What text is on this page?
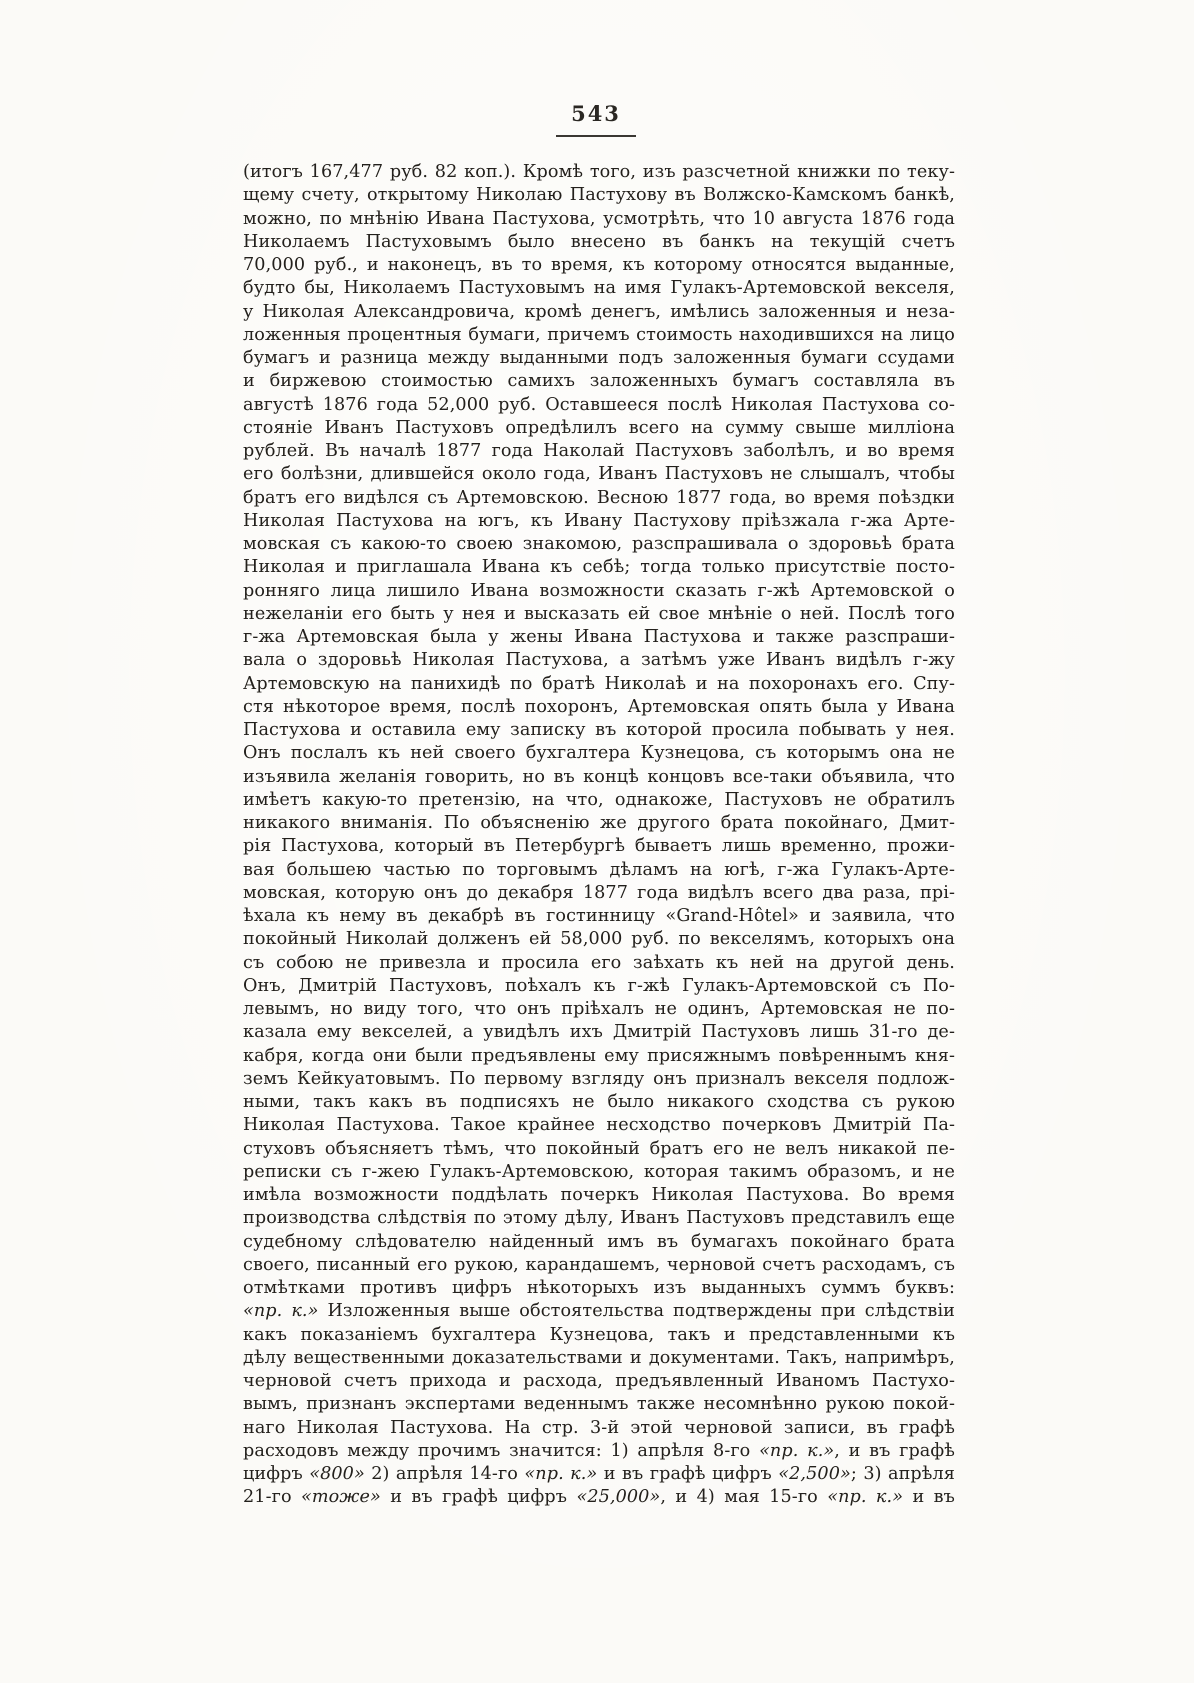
543
(итогъ 167,477 руб. 82 коп.). Кромѣ того, изъ разсчетной книжки по теку-
щему счету, открытому Николаю Пастухову въ Волжско-Камскомъ банкѣ,
можно, по мнѣнію Ивана Пастухова, усмотрѣть, что 10 августа 1876 года
Николаемъ Пастуховымъ было внесено въ банкъ на текущій счетъ
70,000 руб., и наконецъ, въ то время, къ которому относятся выданные,
будто бы, Николаемъ Пастуховымъ на имя Гулакъ-Артемовской векселя,
у Николая Александровича, кромѣ денегъ, имѣлись заложенныя и неза-
ложенныя процентныя бумаги, причемъ стоимость находившихся на лицо
бумагъ и разница между выданными подъ заложенныя бумаги ссудами
и биржевою стоимостью самихъ заложенныхъ бумагъ составляла въ
августѣ 1876 года 52,000 руб. Оставшееся послѣ Николая Пастухова со-
стояніе Иванъ Пастуховъ опредѣлилъ всего на сумму свыше милліона
рублей. Въ началѣ 1877 года Наколай Пастуховъ заболѣлъ, и во время
его болѣзни, длившейся около года, Иванъ Пастуховъ не слышалъ, чтобы
братъ его видѣлся съ Артемовскою. Весною 1877 года, во время поѣздки
Николая Пастухова на югъ, къ Ивану Пастухову пріѣзжала г-жа Арте-
мовская съ какою-то своею знакомою, разспрашивала о здоровьѣ брата
Николая и приглашала Ивана къ себѣ; тогда только присутствіе посто-
ронняго лица лишило Ивана возможности сказать г-жѣ Артемовской о
нежеланіи его быть у нея и высказать ей свое мнѣніе о ней. Послѣ того
г-жа Артемовская была у жены Ивана Пастухова и также разспраши-
вала о здоровьѣ Николая Пастухова, а затѣмъ уже Иванъ видѣлъ г-жу
Артемовскую на панихидѣ по братѣ Николаѣ и на похоронахъ его. Спу-
стя нѣкоторое время, послѣ похоронъ, Артемовская опять была у Ивана
Пастухова и оставила ему записку въ которой просила побывать у нея.
Онъ послалъ къ ней своего бухгалтера Кузнецова, съ которымъ она не
изъявила желанія говорить, но въ концѣ концовъ все-таки объявила, что
имѣетъ какую-то претензію, на что, однакоже, Пастуховъ не обратилъ
никакого вниманія. По объясненію же другого брата покойнаго, Дмит-
рія Пастухова, который въ Петербургѣ бываетъ лишь временно, прожи-
вая большею частью по торговымъ дѣламъ на югѣ, г-жа Гулакъ-Арте-
мовская, которую онъ до декабря 1877 года видѣлъ всего два раза, прі-
ѣхала къ нему въ декабрѣ въ гостинницу «Grand-Hôtel» и заявила, что
покойный Николай долженъ ей 58,000 руб. по векселямъ, которыхъ она
съ собою не привезла и просила его заѣхать къ ней на другой день.
Онъ, Дмитрій Пастуховъ, поѣхалъ къ г-жѣ Гулакъ-Артемовской съ По-
левымъ, но виду того, что онъ пріѣхалъ не одинъ, Артемовская не по-
казала ему векселей, а увидѣлъ ихъ Дмитрій Пастуховъ лишь 31-го де-
кабря, когда они были предъявлены ему присяжнымъ повѣреннымъ кня-
земъ Кейкуатовымъ. По первому взгляду онъ призналъ векселя подлож-
ными, такъ какъ въ подписяхъ не было никакого сходства съ рукою
Николая Пастухова. Такое крайнее несходство почерковъ Дмитрій Па-
стуховъ объясняетъ тѣмъ, что покойный братъ его не велъ никакой пе-
реписки съ г-жею Гулакъ-Артемовскою, которая такимъ образомъ, и не
имѣла возможности поддѣлать почеркъ Николая Пастухова. Во время
производства слѣдствія по этому дѣлу, Иванъ Пастуховъ представилъ еще
судебному слѣдователю найденный имъ въ бумагахъ покойнаго брата
своего, писанный его рукою, карандашемъ, черновой счетъ расходамъ, съ
отмѣтками противъ цифръ нѣкоторыхъ изъ выданныхъ суммъ буквъ:
«пр. к.» Изложенныя выше обстоятельства подтверждены при слѣдствіи
какъ показаніемъ бухгалтера Кузнецова, такъ и представленными къ
дѣлу вещественными доказательствами и документами. Такъ, напримѣръ,
черновой счетъ прихода и расхода, предъявленный Иваномъ Пастухо-
вымъ, признанъ экспертами веденнымъ также несомнѣнно рукою покой-
наго Николая Пастухова. На стр. 3-й этой черновой записи, въ графѣ
расходовъ между прочимъ значится: 1) апрѣля 8-го «пр. к.», и въ графѣ
цифръ «800» 2) апрѣля 14-го «пр. к.» и въ графѣ цифръ «2,500»; 3) апрѣля
21-го «тоже» и въ графѣ цифръ «25,000», и 4) мая 15-го «пр. к.» и въ
